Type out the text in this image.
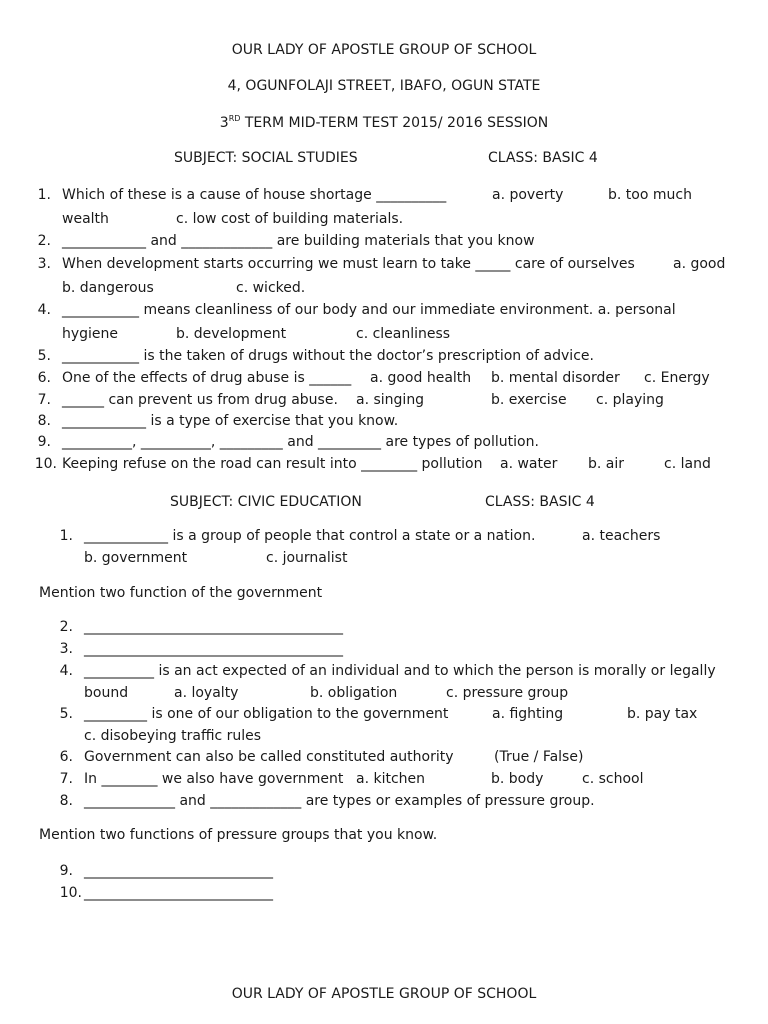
OUR LADY OF APOSTLE GROUP OF SCHOOL
4, OGUNFOLAJI STREET, IBAFO, OGUN STATE
3RD TERM MID-TERM TEST 2015/ 2016 SESSION
SUBJECT: SOCIAL STUDIES	CLASS: BASIC 4
1. Which of these is a cause of house shortage __________	a. poverty	b. too much
wealth	c. low cost of building materials.
2. ____________ and _____________ are building materials that you know
3. When development starts occurring we must learn to take _____ care of ourselves	a. good
b. dangerous	c. wicked.
4. ___________ means cleanliness of our body and our immediate environment. a. personal
hygiene	b. development	c. cleanliness
5. ___________ is the taken of drugs without the doctor’s prescription of advice.
6. One of the effects of drug abuse is ______ a. good health b. mental disorder c. Energy
7. ______ can prevent us from drug abuse. a. singing	b. exercise c. playing
8. ____________ is a type of exercise that you know.
9. __________, __________, _________ and _________ are types of pollution.
10. Keeping refuse on the road can result into ________ pollution a. water b. air	c. land
SUBJECT: CIVIC EDUCATION	CLASS: BASIC 4
1. ____________ is a group of people that control a state or a nation.	a. teachers
b. government	c. journalist
Mention two function of the government
2. _____________________________________
3. _____________________________________
4. __________ is an act expected of an individual and to which the person is morally or legally
bound	a. loyalty	b. obligation	c. pressure group
5. _________ is one of our obligation to the government	a. fighting	b. pay tax
c. disobeying traffic rules
6. Government can also be called constituted authority	(True / False)
7. In ________ we also have government a. kitchen	b. body	c. school
8. _____________ and _____________ are types or examples of pressure group.
Mention two functions of pressure groups that you know.
9. ___________________________
10. ___________________________
OUR LADY OF APOSTLE GROUP OF SCHOOL
